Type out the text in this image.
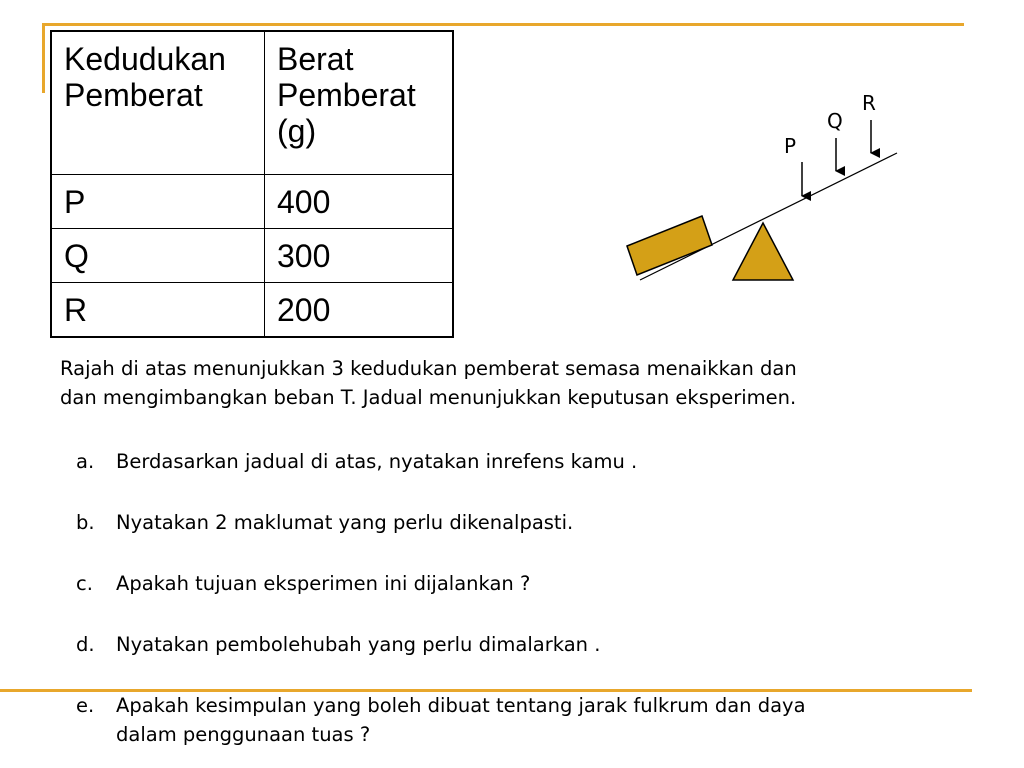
Kedudukan Pemberat	Berat Pemberat (g)
P	400
Q	300
R	200
P
Q
R

Rajah di atas menunjukkan 3 kedudukan pemberat semasa menaikkan dan

dan mengimbangkan beban T. Jadual menunjukkan keputusan eksperimen.

a. Berdasarkan jadual di atas, nyatakan inrefens kamu .
b. Nyatakan 2 maklumat yang perlu dikenalpasti.
c. Apakah tujuan eksperimen ini dijalankan ?
d. Nyatakan pembolehubah yang perlu dimalarkan .
e. Apakah kesimpulan yang boleh dibuat tentang jarak fulkrum dan daya
dalam penggunaan tuas ?
